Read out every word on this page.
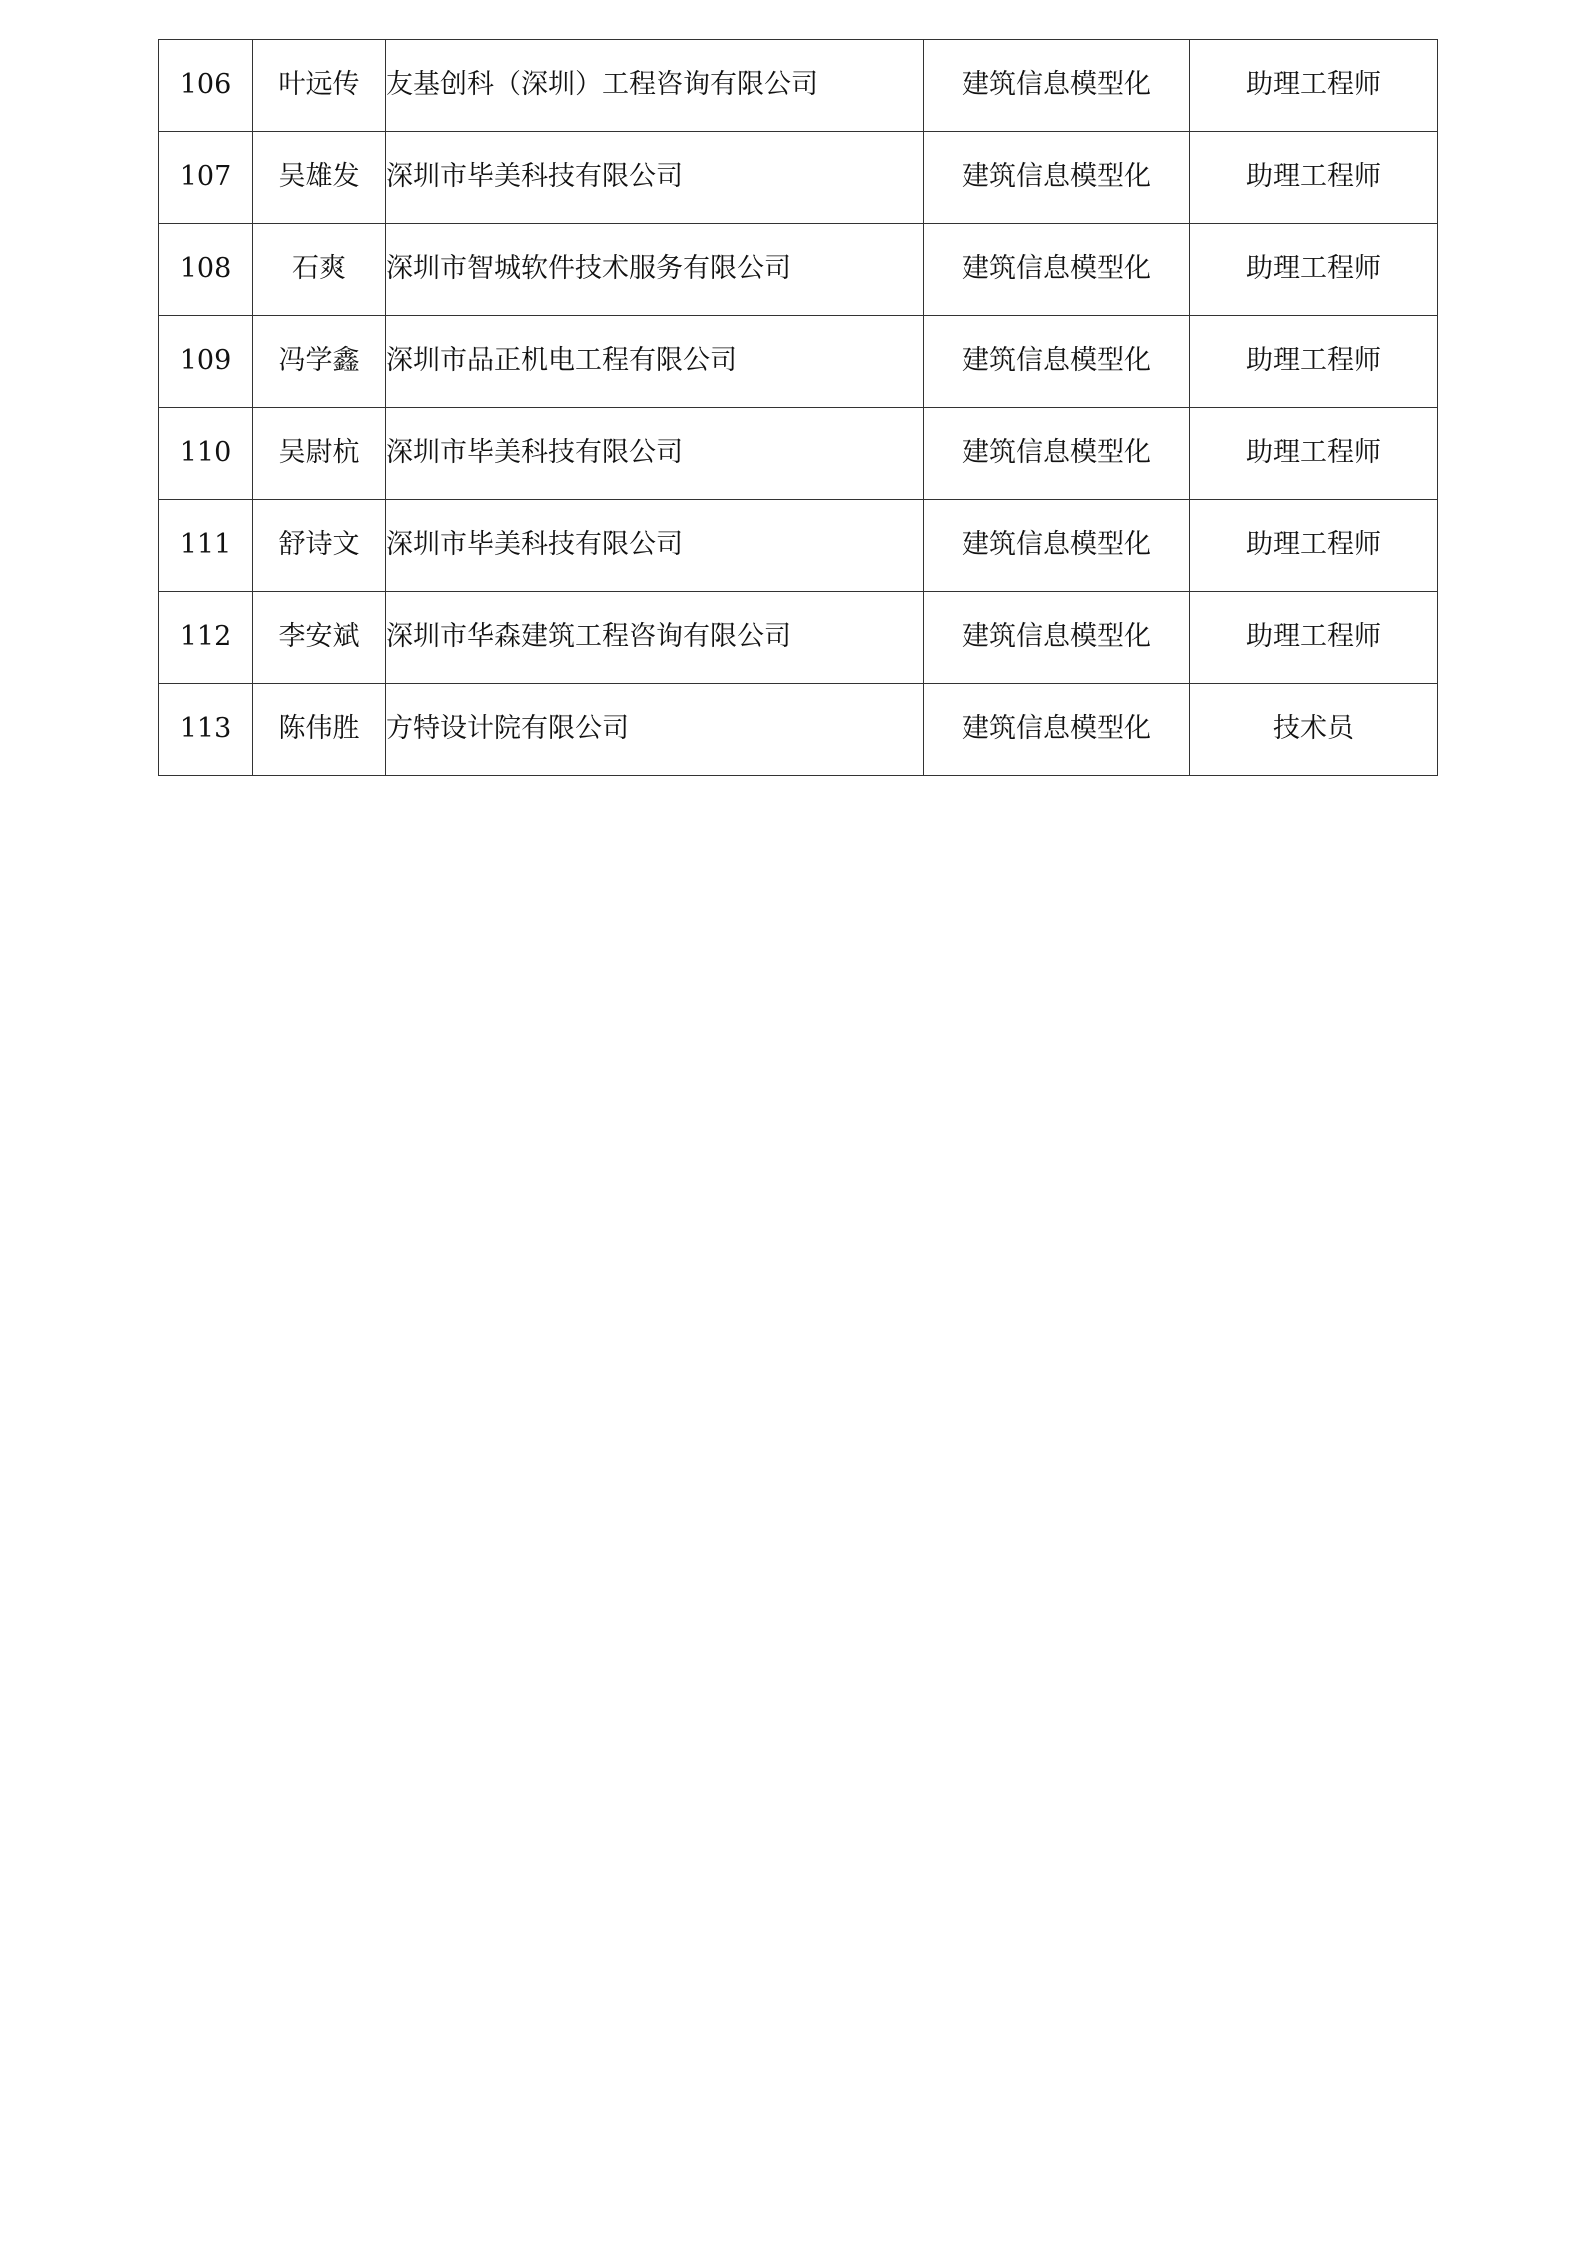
106	叶远传	友基创科（深圳）工程咨询有限公司	建筑信息模型化	助理工程师
107	吴雄发	深圳市毕美科技有限公司	建筑信息模型化	助理工程师
108	石爽	深圳市智城软件技术服务有限公司	建筑信息模型化	助理工程师
109	冯学鑫	深圳市品正机电工程有限公司	建筑信息模型化	助理工程师
110	吴尉杭	深圳市毕美科技有限公司	建筑信息模型化	助理工程师
111	舒诗文	深圳市毕美科技有限公司	建筑信息模型化	助理工程师
112	李安斌	深圳市华森建筑工程咨询有限公司	建筑信息模型化	助理工程师
113	陈伟胜	方特设计院有限公司	建筑信息模型化	技术员
